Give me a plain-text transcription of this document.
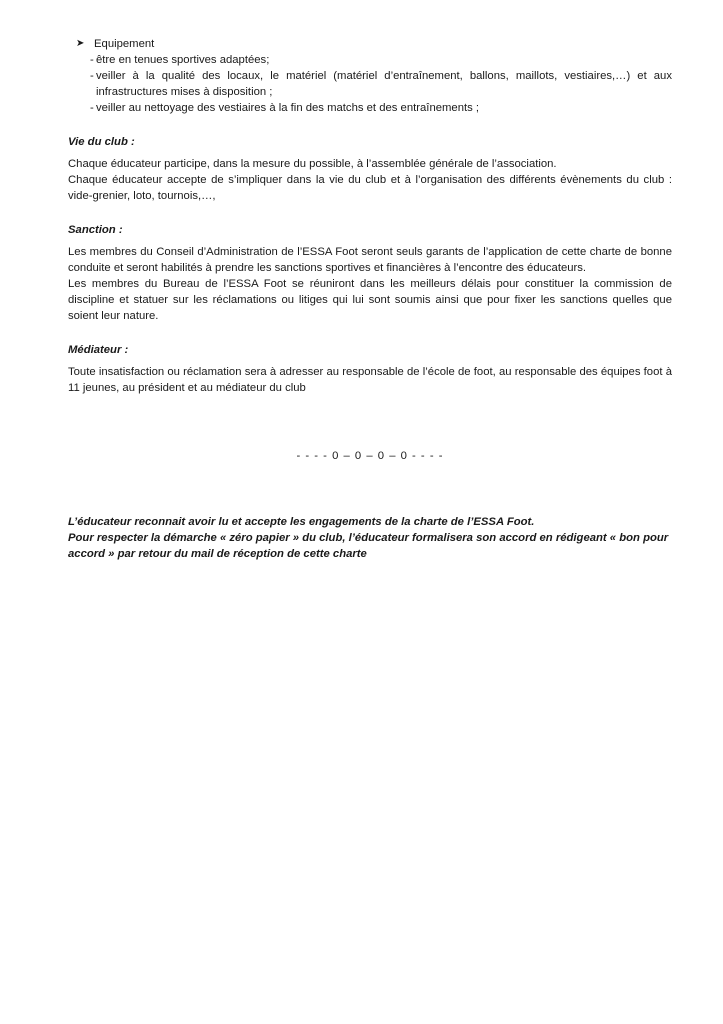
➤ Equipement
- être en tenues sportives adaptées;
- veiller à la qualité des locaux, le matériel (matériel d’entraînement, ballons, maillots, vestiaires,…) et aux infrastructures mises à disposition ;
- veiller au nettoyage des vestiaires à la fin des matchs et des entraînements ;
Vie du club :

Chaque éducateur participe, dans la mesure du possible, à l’assemblée générale de l’association.

Chaque éducateur accepte de s’impliquer dans la vie du club et à l’organisation des différents évènements du club : vide-grenier, loto, tournois,…,

Sanction :

Les membres du Conseil d’Administration de l’ESSA Foot seront seuls garants de l’application de cette charte de bonne conduite et seront habilités à prendre les sanctions sportives et financières à l’encontre des éducateurs.

Les membres du Bureau de l’ESSA Foot se réuniront dans les meilleurs délais pour constituer la commission de discipline et statuer sur les réclamations ou litiges qui lui sont soumis ainsi que pour fixer les sanctions quelles que soient leur nature.

Médiateur :

Toute insatisfaction ou réclamation sera à adresser au responsable de l’école de foot, au responsable des équipes foot à 11 jeunes, au président et au médiateur du club

- - - - 0 – 0 – 0 – 0 - - - -

L’éducateur reconnait avoir lu et accepte les engagements de la charte de l’ESSA Foot.

Pour respecter la démarche « zéro papier » du club, l’éducateur formalisera son accord en rédigeant « bon pour accord » par retour du mail de réception de cette charte
